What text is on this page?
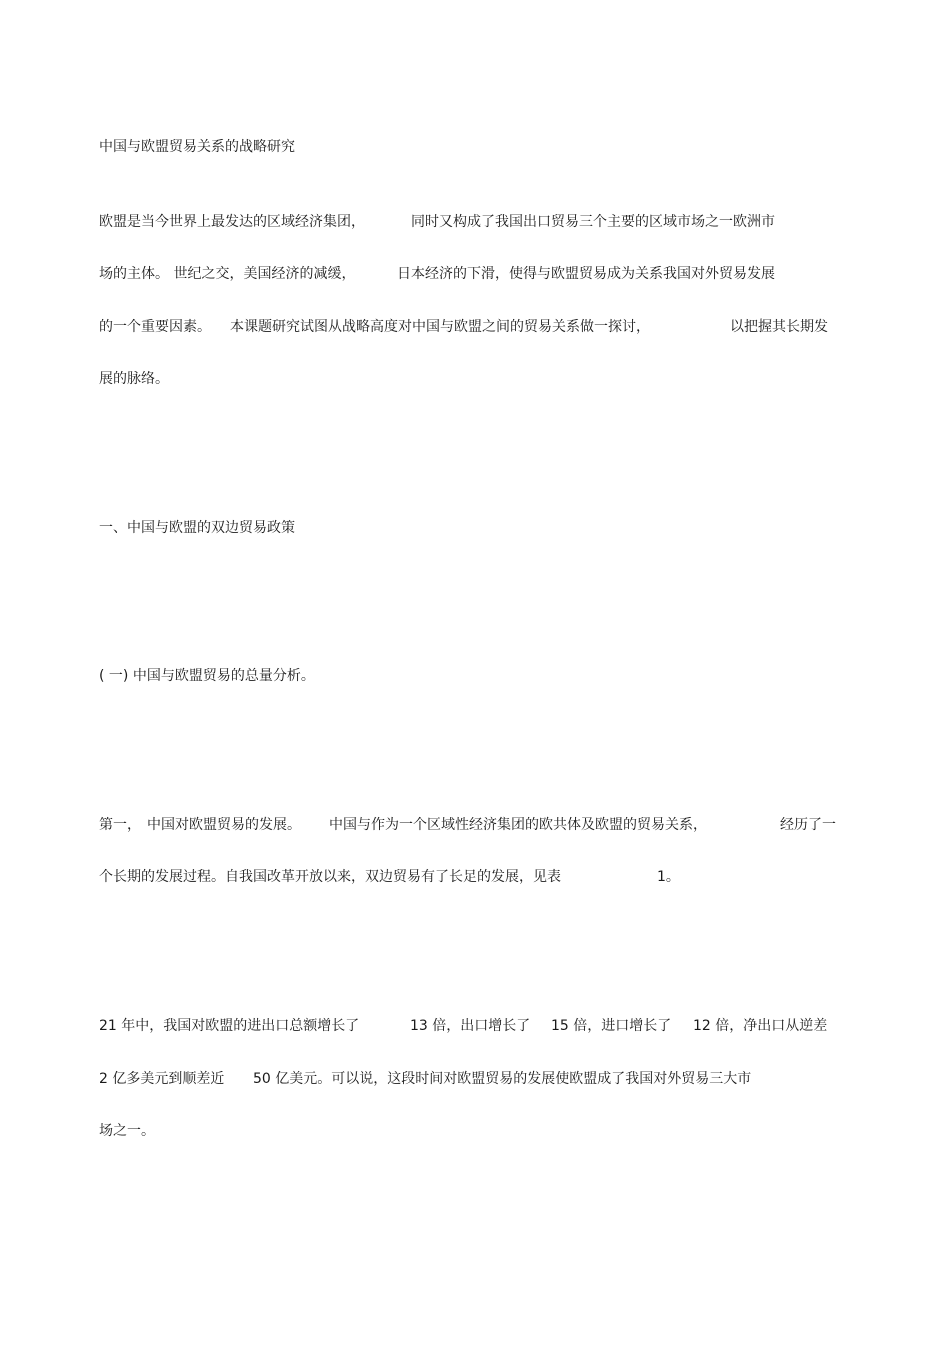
中国与欧盟贸易关系的战略研究

欧盟是当今世界上最发达的区域经济集团，

	同时又构成了我国出口贸易三个主要的区域市场之一欧洲市

场的主体。 世纪之交，美国经济的减缓，

	日本经济的下滑，使得与欧盟贸易成为关系我国对外贸易发展

的一个重要因素。

本课题研究试图从战略高度对中国与欧盟之间的贸易关系做一探讨，

	以把握其长期发

展的脉络。

一、中国与欧盟的双边贸易政策

( 一) 中国与欧盟贸易的总量分析。

第一，

中国对欧盟贸易的发展。

中国与作为一个区域性经济集团的欧共体及欧盟的贸易关系，

	经历了一

个长期的发展过程。自我国改革开放以来，双边贸易有了长足的发展，见表

	1。

21 年中，我国对欧盟的进出口总额增长了

	13 倍，出口增长了

15 倍，进口增长了

12 倍，净出口从逆差

2 亿多美元到顺差近

50 亿美元。可以说，这段时间对欧盟贸易的发展使欧盟成了我国对外贸易三大市

场之一。
